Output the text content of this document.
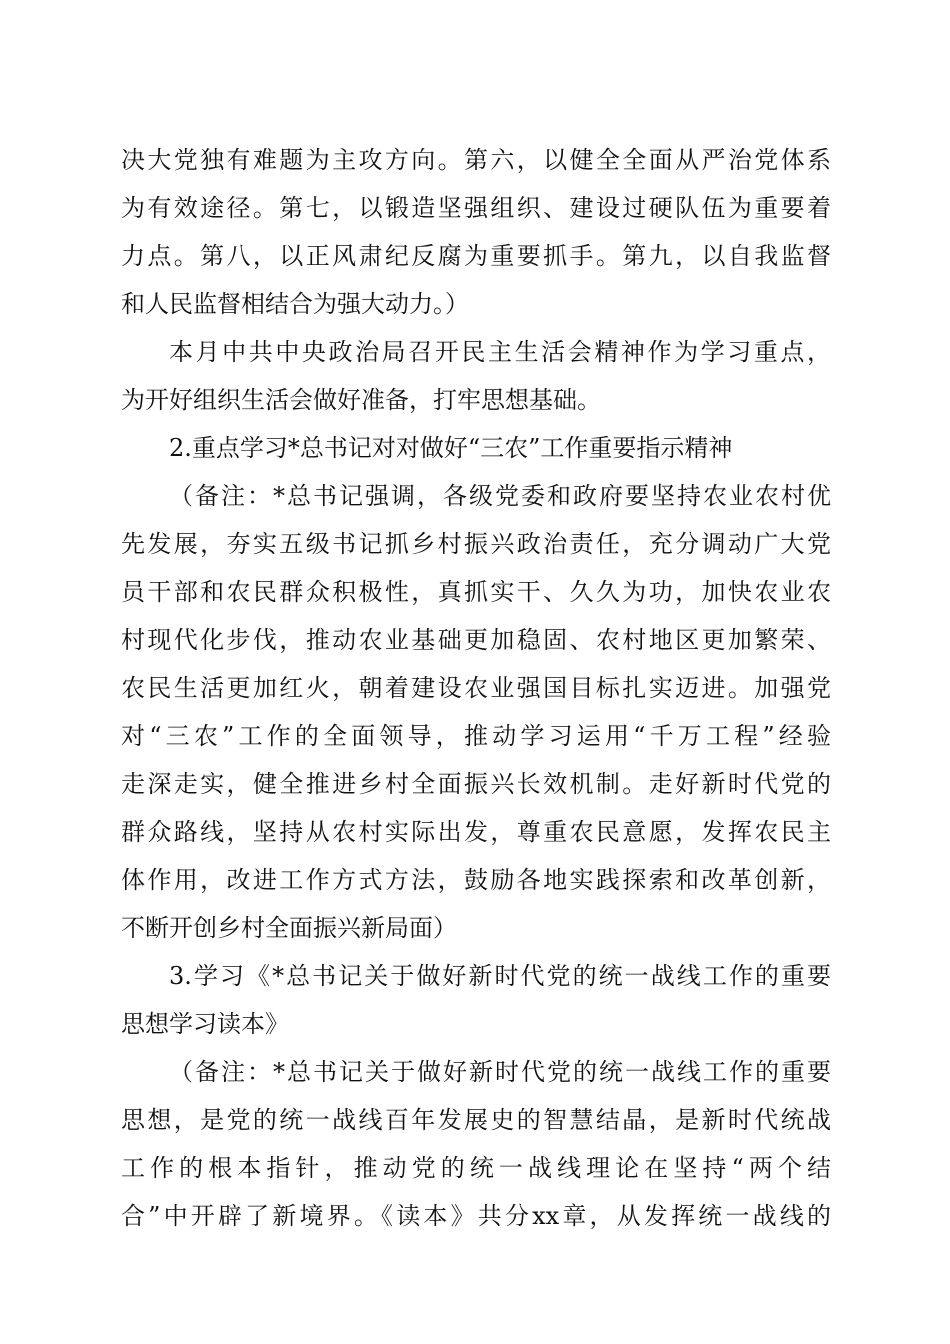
决大党独有难题为主攻方向。第六，以健全全面从严治党体系
为有效途径。第七，以锻造坚强组织、建设过硬队伍为重要着
力点。第八，以正风肃纪反腐为重要抓手。第九，以自我监督
和人民监督相结合为强大动力。）
本月中共中央政治局召开民主生活会精神作为学习重点，
为开好组织生活会做好准备，打牢思想基础。
2.重点学习*总书记对对做好“三农”工作重要指示精神
（备注：*总书记强调，各级党委和政府要坚持农业农村优
先发展，夯实五级书记抓乡村振兴政治责任，充分调动广大党
员干部和农民群众积极性，真抓实干、久久为功，加快农业农
村现代化步伐，推动农业基础更加稳固、农村地区更加繁荣、
农民生活更加红火，朝着建设农业强国目标扎实迈进。加强党
对“三农”工作的全面领导，推动学习运用“千万工程”经验
走深走实，健全推进乡村全面振兴长效机制。走好新时代党的
群众路线，坚持从农村实际出发，尊重农民意愿，发挥农民主
体作用，改进工作方式方法，鼓励各地实践探索和改革创新，
不断开创乡村全面振兴新局面）
3.学习《*总书记关于做好新时代党的统一战线工作的重要
思想学习读本》
（备注：*总书记关于做好新时代党的统一战线工作的重要
思想，是党的统一战线百年发展史的智慧结晶，是新时代统战
工作的根本指针，推动党的统一战线理论在坚持“两个结
合”中开辟了新境界。《读本》共分xx章，从发挥统一战线的
